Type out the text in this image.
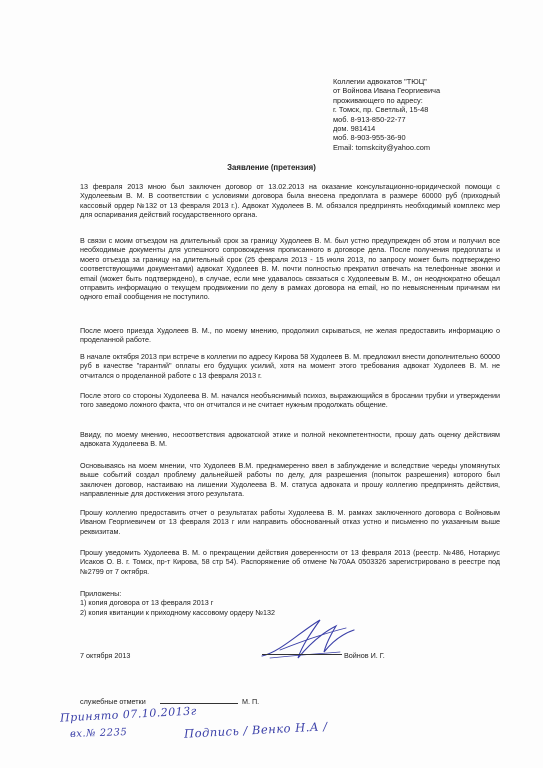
Коллегии адвокатов "ТЮЦ"
от Войнова Ивана Георгиевича
проживающего по адресу:
г. Томск, пр. Светлый, 15-48
моб. 8-913-850-22-77
дом. 981414
моб. 8-903-955-36-90
Email: tomskcity@yahoo.com
Заявление (претензия)

13 февраля 2013 мною был заключен договор от 13.02.2013 на оказание консультационно-юридической помощи с Худолеевым В. М. В соответствии с условиями договора была внесена предоплата в размере 60000 руб (приходный кассовый ордер №132 от 13 февраля 2013 г.). Адвокат Худолеев В. М. обязался предпринять необходимый комплекс мер для оспаривания действий государственного органа.

В связи с моим отъездом на длительный срок за границу Худолеев В. М. был устно предупрежден об этом и получил все необходимые документы для успешного сопровождения прописанного в договоре дела. После получения предоплаты и моего отъезда за границу на длительный срок (25 февраля 2013 - 15 июля 2013, по запросу может быть подтверждено соответствующими документами) адвокат Худолеев В. М. почти полностью прекратил отвечать на телефонные звонки и email (может быть подтверждено), в случае, если мне удавалось связаться с Худолеевым В. М., он неоднократно обещал отправить информацию о текущем продвижении по делу в рамках договора на email, но по невыясненным причинам ни одного email сообщения не поступило.

После моего приезда Худолеев В. М., по моему мнению, продолжил скрываться, не желая предоставить информацию о проделанной работе.

В начале октября 2013 при встрече в коллегии по адресу Кирова 58 Худолеев В. М. предложил внести дополнительно 60000 руб в качестве "гарантий" оплаты его будущих усилий, хотя на момент этого требования адвокат Худолеев В. М. не отчитался о проделанной работе с 13 февраля 2013 г.

После этого со стороны Худолеева В. М. начался необъяснимый психоз, выражающийся в бросании трубки и утверждении того заведомо ложного факта, что он отчитался и не считает нужным продолжать общение.

Ввиду, по моему мнению, несоответствия адвокатской этике и полной некомпетентности, прошу дать оценку действиям адвоката Худолеева В. М.

Основываясь на моем мнении, что Худолеев В.М. преднамеренно ввел в заблуждение и вследствие череды упомянутых выше событий создал проблему дальнейшей работы по делу, для разрешения (попыток разрешения) которого был заключен договор, настаиваю на лишении Худолеева В. М. статуса адвоката и прошу коллегию предпринять действия, направленные для достижения этого результата.

Прошу коллегию предоставить отчет о результатах работы Худолеева В. М. рамках заключенного договора с Войновым Иваном Георгиевичем от 13 февраля 2013 г или направить обоснованный отказ устно и письменно по указанным выше реквизитам.

Прошу уведомить Худолеева В. М. о прекращении действия доверенности от 13 февраля 2013 (реестр. №486, Нотариус Исаков О. В. г. Томск, пр-т Кирова, 58 стр 54). Распоряжение об отмене №70АА 0503326 зарегистрировано в реестре под №2799 от 7 октября.

Приложены:
1) копия договора от 13 февраля 2013 г
2) копия квитанции к приходному кассовому ордеру №132
7 октября 2013	Войнов И. Г.
служебные отметки	М. П.
Принято 07.10.2013г
вх.№ 2235	Подпись / Венко Н.А /
